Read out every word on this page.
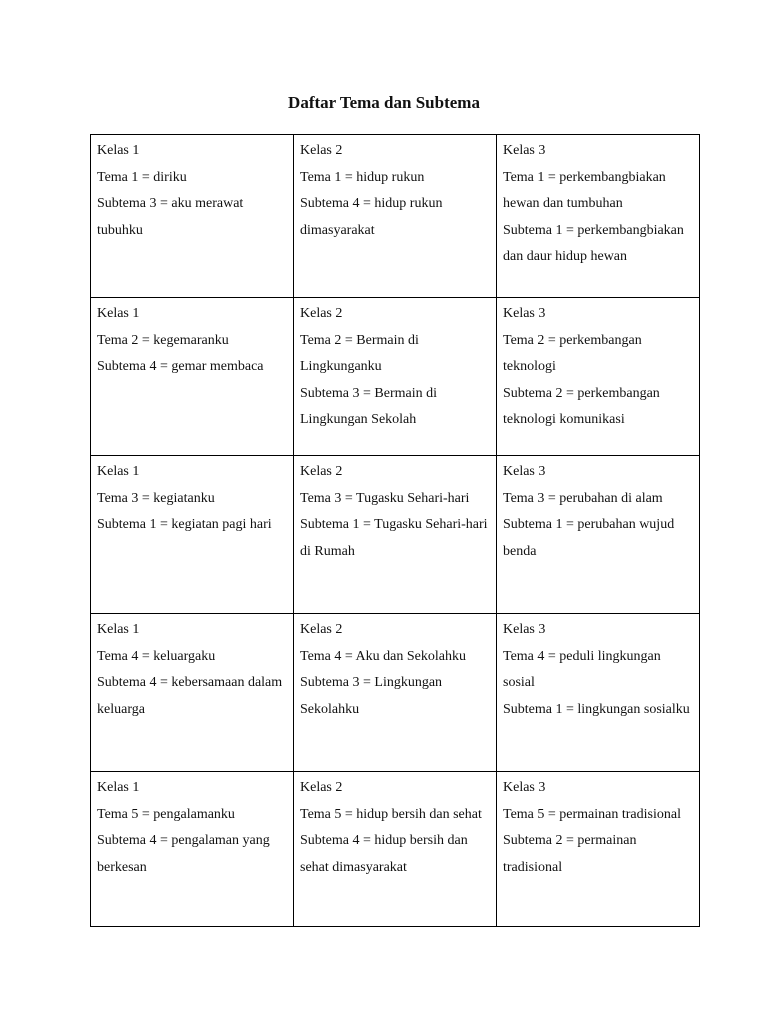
Daftar Tema dan Subtema
Kelas 1
Tema 1 = diriku
Subtema 3 = aku merawat tubuhku	Kelas 2
Tema 1 = hidup rukun
Subtema 4 = hidup rukun dimasyarakat	Kelas 3
Tema 1 = perkembangbiakan hewan dan tumbuhan
Subtema 1 = perkembangbiakan dan daur hidup hewan

Kelas 1
Tema 2 = kegemaranku
Subtema 4 = gemar membaca	Kelas 2
Tema 2 = Bermain di Lingkunganku
Subtema 3 = Bermain di Lingkungan Sekolah	Kelas 3
Tema 2 = perkembangan teknologi
Subtema 2 = perkembangan teknologi komunikasi

Kelas 1
Tema 3 = kegiatanku
Subtema 1 = kegiatan pagi hari	Kelas 2
Tema 3 = Tugasku Sehari-hari
Subtema 1 = Tugasku Sehari-hari di Rumah	Kelas 3
Tema 3 = perubahan di alam
Subtema 1 = perubahan wujud benda

Kelas 1
Tema 4 = keluargaku
Subtema 4 = kebersamaan dalam keluarga	Kelas 2
Tema 4 = Aku dan Sekolahku
Subtema 3 = Lingkungan Sekolahku	Kelas 3
Tema 4 = peduli lingkungan sosial
Subtema 1 = lingkungan sosialku

Kelas 1
Tema 5 = pengalamanku
Subtema 4 = pengalaman yang berkesan	Kelas 2
Tema 5 = hidup bersih dan sehat
Subtema 4 = hidup bersih dan sehat dimasyarakat	Kelas 3
Tema 5 = permainan tradisional
Subtema 2 = permainan tradisional
